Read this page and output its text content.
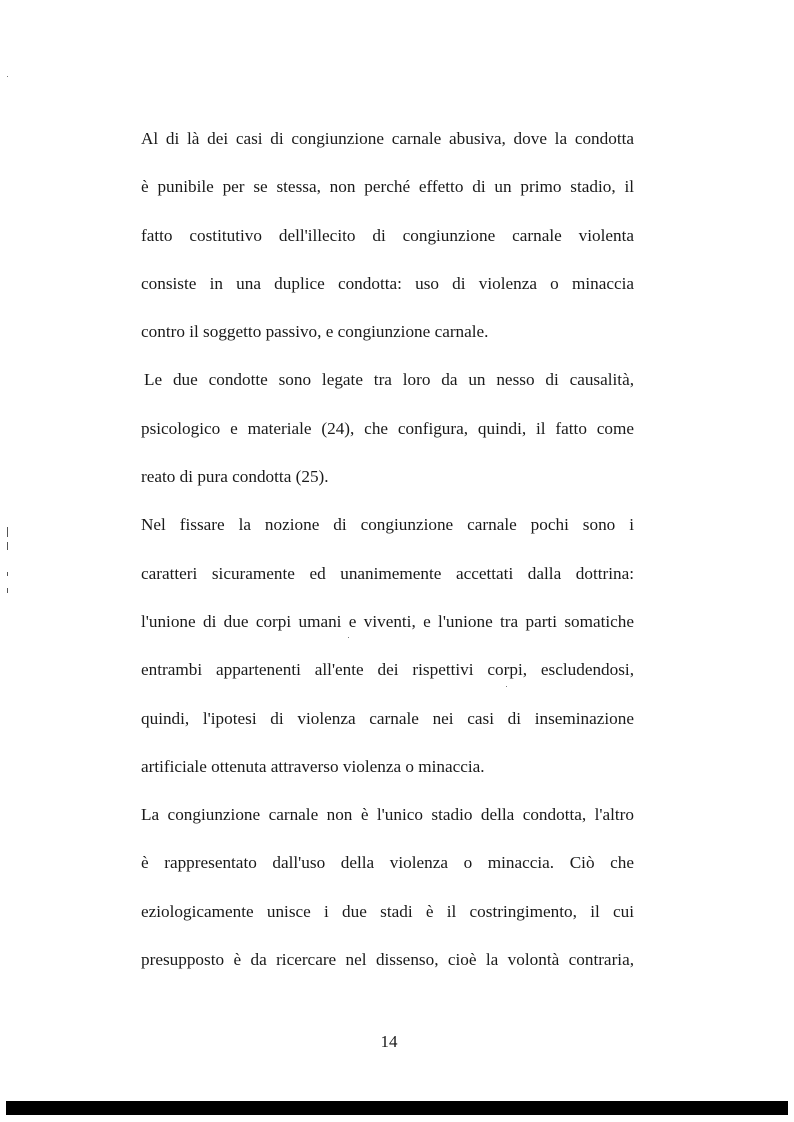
Al di là dei casi di congiunzione carnale abusiva, dove la condotta
è punibile per se stessa, non perché effetto di un primo stadio, il
fatto costitutivo dell'illecito di congiunzione carnale violenta
consiste in una duplice condotta: uso di violenza o minaccia
contro il soggetto passivo, e congiunzione carnale.
Le due condotte sono legate tra loro da un nesso di causalità,
psicologico e materiale (24), che configura, quindi, il fatto come
reato di pura condotta (25).
Nel fissare la nozione di congiunzione carnale pochi sono i
caratteri sicuramente ed unanimemente accettati dalla dottrina:
l'unione di due corpi umani e viventi, e l'unione tra parti somatiche
entrambi appartenenti all'ente dei rispettivi corpi, escludendosi,
quindi, l'ipotesi di violenza carnale nei casi di inseminazione
artificiale ottenuta attraverso violenza o minaccia.
La congiunzione carnale non è l'unico stadio della condotta, l'altro
è rappresentato dall'uso della violenza o minaccia. Ciò che
eziologicamente unisce i due stadi è il costringimento, il cui
presupposto è da ricercare nel dissenso, cioè la volontà contraria,
14
